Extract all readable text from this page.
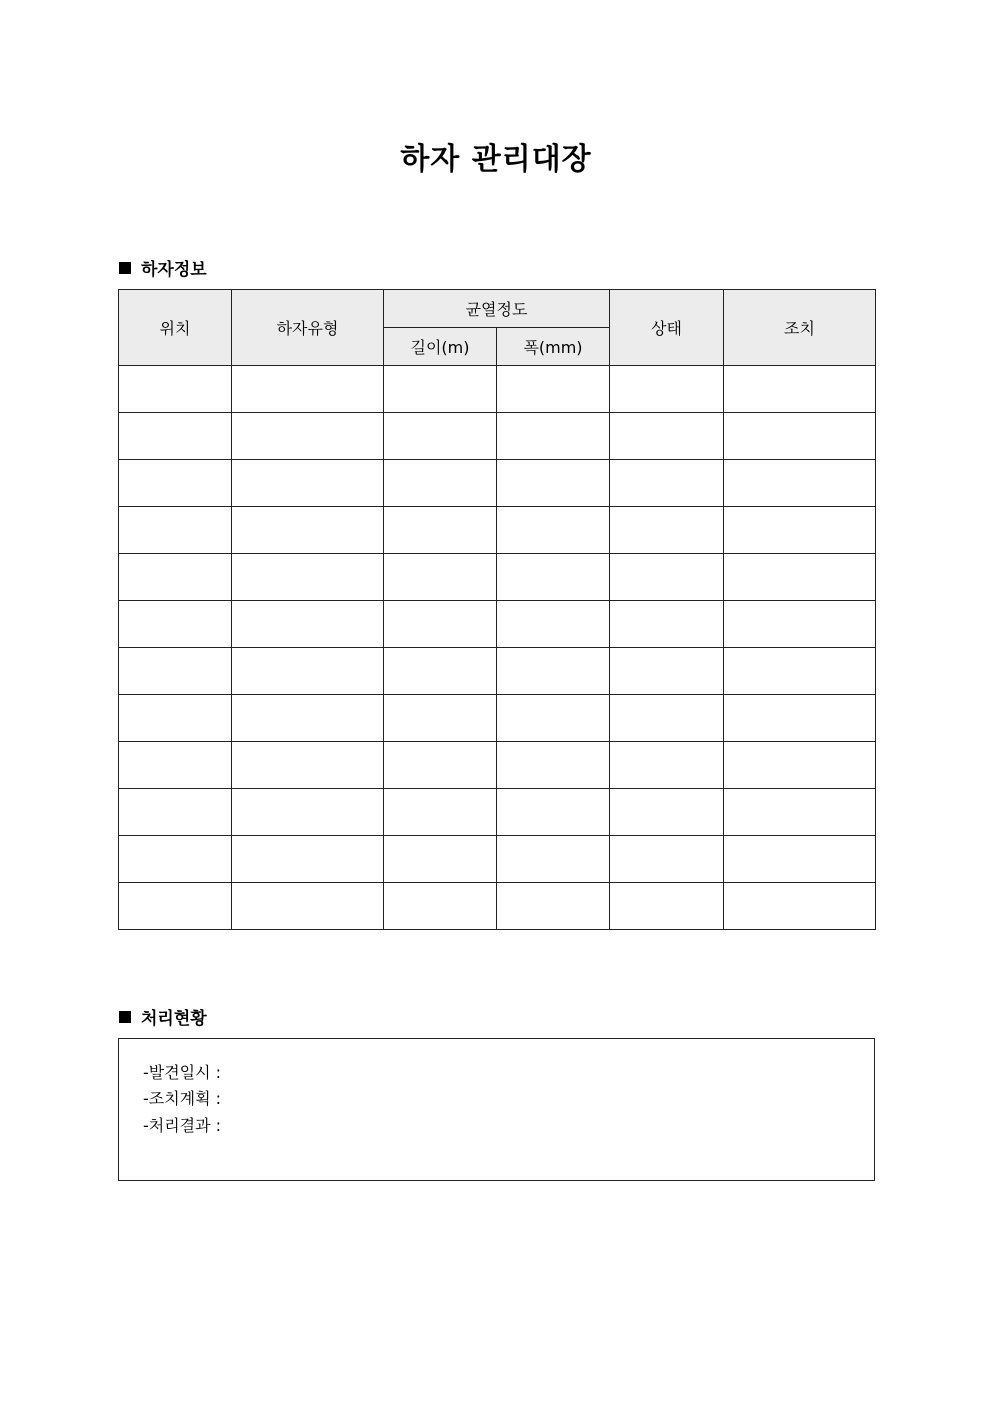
하자 관리대장
하자정보
위치	하자유형	균열정도		상태	조치
		길이(m)	폭(mm)		

처리현황
-발견일시 :
-조치계획 :
-처리결과 :
